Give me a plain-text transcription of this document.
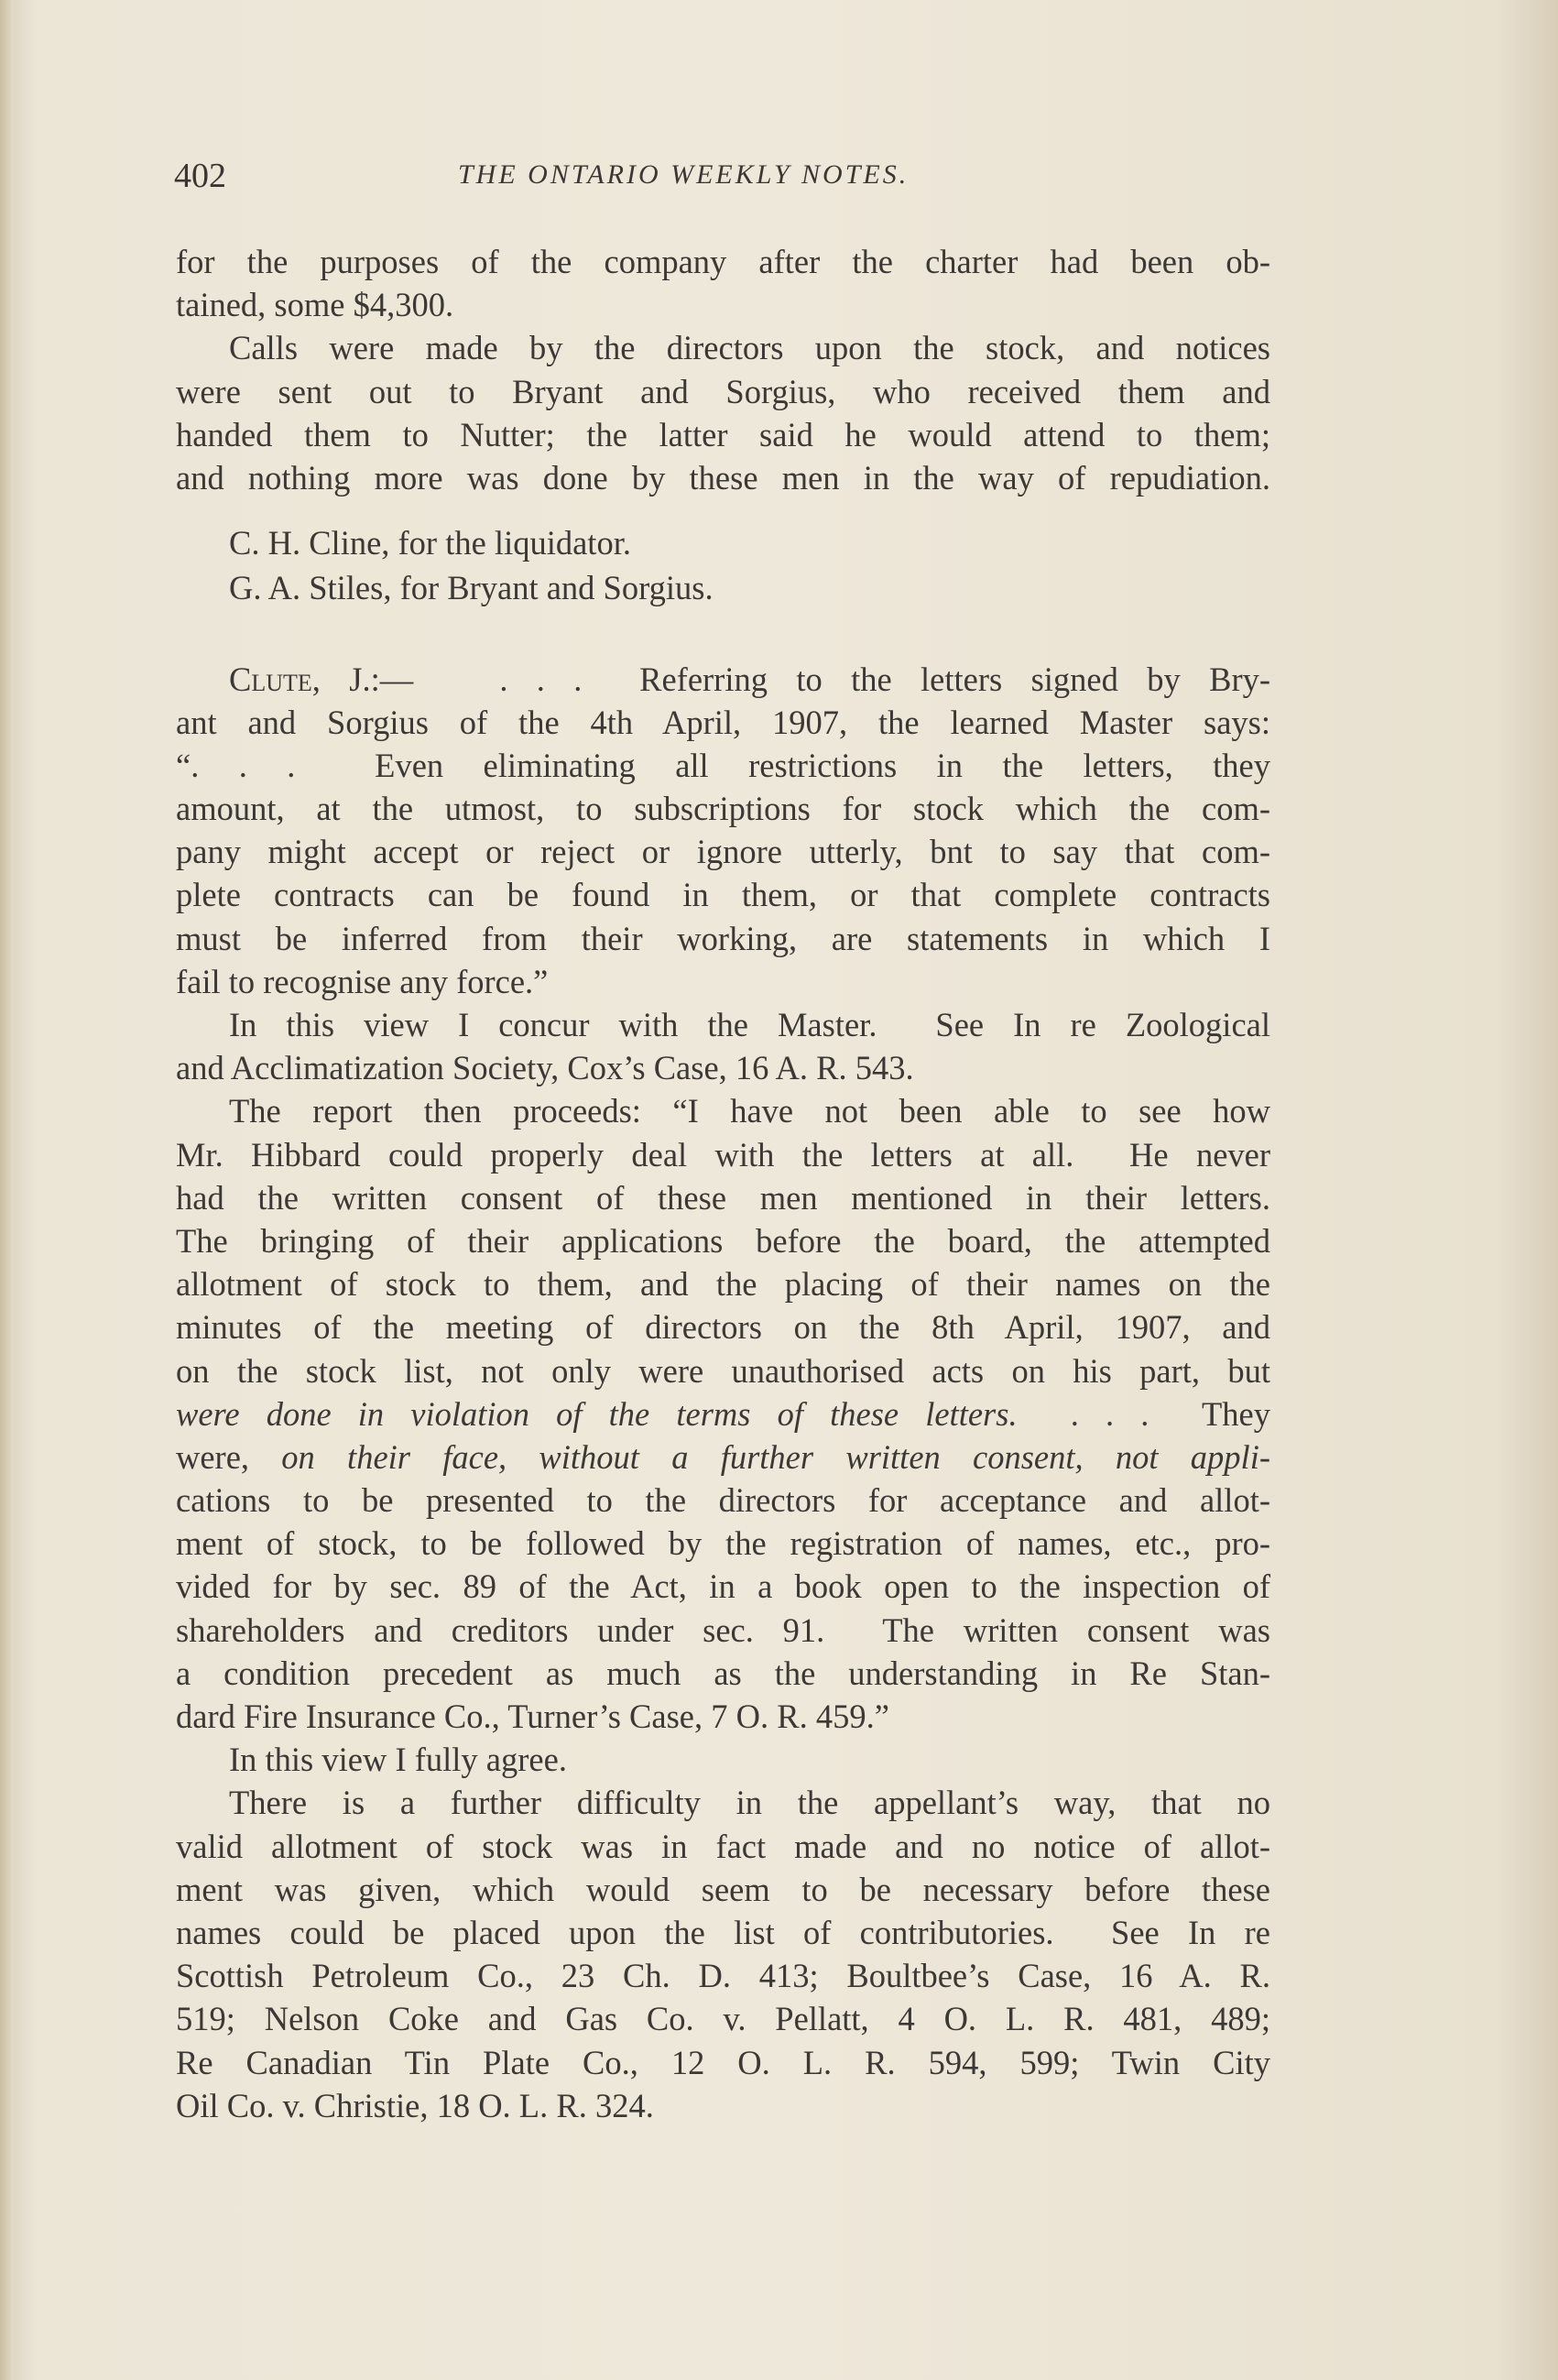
402	THE ONTARIO WEEKLY NOTES.
for the purposes of the company after the charter had been ob-
tained, some $4,300.
Calls were made by the directors upon the stock, and notices
were sent out to Bryant and Sorgius, who received them and
handed them to Nutter; the latter said he would attend to them;
and nothing more was done by these men in the way of repudiation.
C. H. Cline, for the liquidator.
G. A. Stiles, for Bryant and Sorgius.
Clute, J.:—   . . .  Referring to the letters signed by Bry-
ant and Sorgius of the 4th April, 1907, the learned Master says:
“. . .  Even eliminating all restrictions in the letters, they
amount, at the utmost, to subscriptions for stock which the com-
pany might accept or reject or ignore utterly, bnt to say that com-
plete contracts can be found in them, or that complete contracts
must be inferred from their working, are statements in which I
fail to recognise any force.”
In this view I concur with the Master.  See In re Zoological
and Acclimatization Society, Cox’s Case, 16 A. R. 543.
The report then proceeds: “I have not been able to see how
Mr. Hibbard could properly deal with the letters at all.  He never
had the written consent of these men mentioned in their letters.
The bringing of their applications before the board, the attempted
allotment of stock to them, and the placing of their names on the
minutes of the meeting of directors on the 8th April, 1907, and
on the stock list, not only were unauthorised acts on his part, but
were done in violation of the terms of these letters.  . . .  They
were, on their face, without a further written consent, not appli-
cations to be presented to the directors for acceptance and allot-
ment of stock, to be followed by the registration of names, etc., pro-
vided for by sec. 89 of the Act, in a book open to the inspection of
shareholders and creditors under sec. 91.  The written consent was
a condition precedent as much as the understanding in Re Stan-
dard Fire Insurance Co., Turner’s Case, 7 O. R. 459.”
In this view I fully agree.
There is a further difficulty in the appellant’s way, that no
valid allotment of stock was in fact made and no notice of allot-
ment was given, which would seem to be necessary before these
names could be placed upon the list of contributories.  See In re
Scottish Petroleum Co., 23 Ch. D. 413; Boultbee’s Case, 16 A. R.
519; Nelson Coke and Gas Co. v. Pellatt, 4 O. L. R. 481, 489;
Re Canadian Tin Plate Co., 12 O. L. R. 594, 599; Twin City
Oil Co. v. Christie, 18 O. L. R. 324.
